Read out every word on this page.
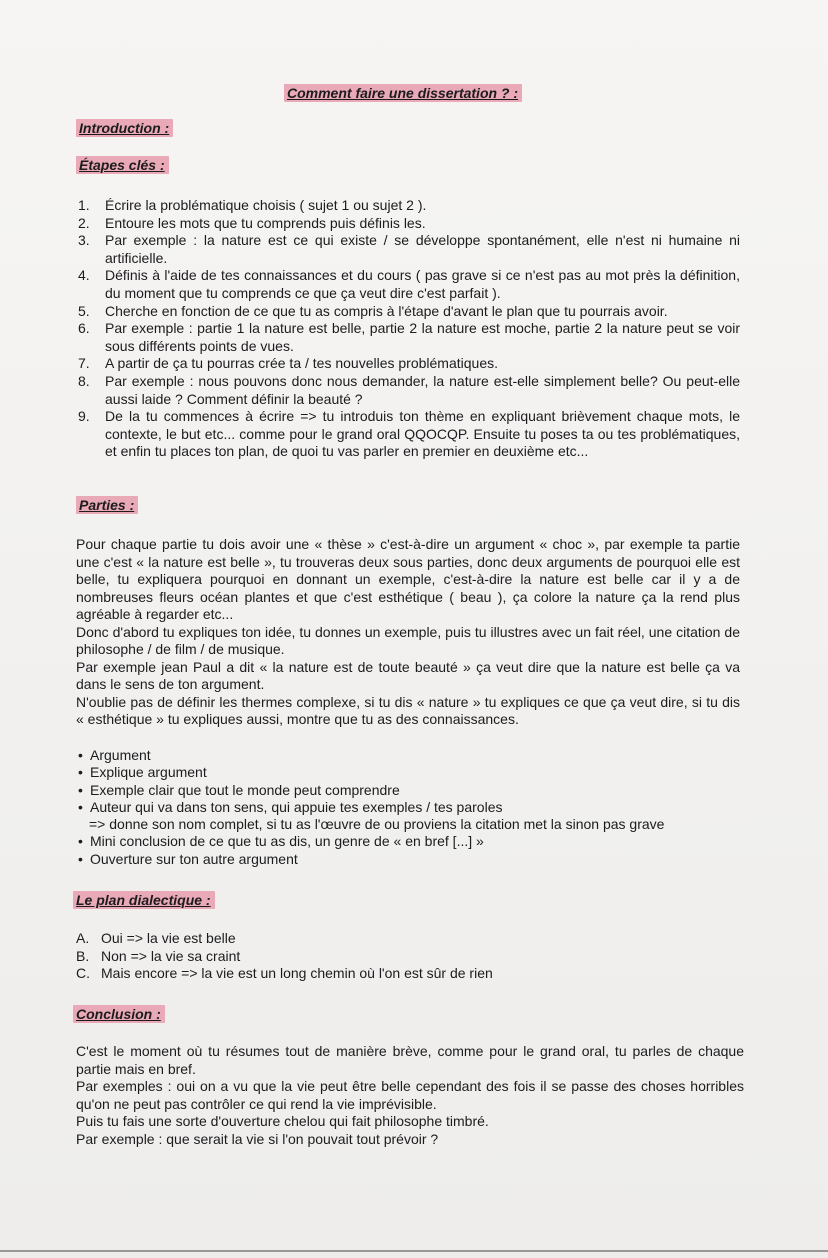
Comment faire une dissertation ? :
Introduction :
Étapes clés :
1. Écrire la problématique choisis ( sujet 1 ou sujet 2 ).
2. Entoure les mots que tu comprends puis définis les.
3. Par exemple : la nature est ce qui existe / se développe spontanément, elle n'est ni humaine ni artificielle.
4. Définis à l'aide de tes connaissances et du cours ( pas grave si ce n'est pas au mot près la définition, du moment que tu comprends ce que ça veut dire c'est parfait ).
5. Cherche en fonction de ce que tu as compris à l'étape d'avant le plan que tu pourrais avoir.
6. Par exemple : partie 1 la nature est belle, partie 2 la nature est moche, partie 2 la nature peut se voir sous différents points de vues.
7. A partir de ça tu pourras crée ta / tes nouvelles problématiques.
8. Par exemple : nous pouvons donc nous demander, la nature est-elle simplement belle? Ou peut-elle aussi laide ? Comment définir la beauté ?
9. De la tu commences à écrire => tu introduis ton thème en expliquant brièvement chaque mots, le contexte, le but etc... comme pour le grand oral QQOCQP. Ensuite tu poses ta ou tes problématiques, et enfin tu places ton plan, de quoi tu vas parler en premier en deuxième etc...
Parties :

Pour chaque partie tu dois avoir une « thèse » c'est-à-dire un argument « choc », par exemple ta partie une c'est « la nature est belle », tu trouveras deux sous parties, donc deux arguments de pourquoi elle est belle, tu expliquera pourquoi en donnant un exemple, c'est-à-dire la nature est belle car il y a de nombreuses fleurs océan plantes et que c'est esthétique ( beau ), ça colore la nature ça la rend plus agréable à regarder etc...

Donc d'abord tu expliques ton idée, tu donnes un exemple, puis tu illustres avec un fait réel, une citation de philosophe / de film / de musique.

Par exemple jean Paul a dit « la nature est de toute beauté » ça veut dire que la nature est belle ça va dans le sens de ton argument.

N'oublie pas de définir les thermes complexe, si tu dis « nature » tu expliques ce que ça veut dire, si tu dis « esthétique » tu expliques aussi, montre que tu as des connaissances.

• Argument
• Explique argument
• Exemple clair que tout le monde peut comprendre
• Auteur qui va dans ton sens, qui appuie tes exemples / tes paroles
=> donne son nom complet, si tu as l'œuvre de ou proviens la citation met la sinon pas grave
• Mini conclusion de ce que tu as dis, un genre de « en bref [...] »
• Ouverture sur ton autre argument
Le plan dialectique :
A. Oui => la vie est belle
B. Non => la vie sa craint
C. Mais encore => la vie est un long chemin où l'on est sûr de rien
Conclusion :

C'est le moment où tu résumes tout de manière brève, comme pour le grand oral, tu parles de chaque partie mais en bref.

Par exemples : oui on a vu que la vie peut être belle cependant des fois il se passe des choses horribles qu'on ne peut pas contrôler ce qui rend la vie imprévisible.

Puis tu fais une sorte d'ouverture chelou qui fait philosophe timbré.

Par exemple : que serait la vie si l'on pouvait tout prévoir ?
